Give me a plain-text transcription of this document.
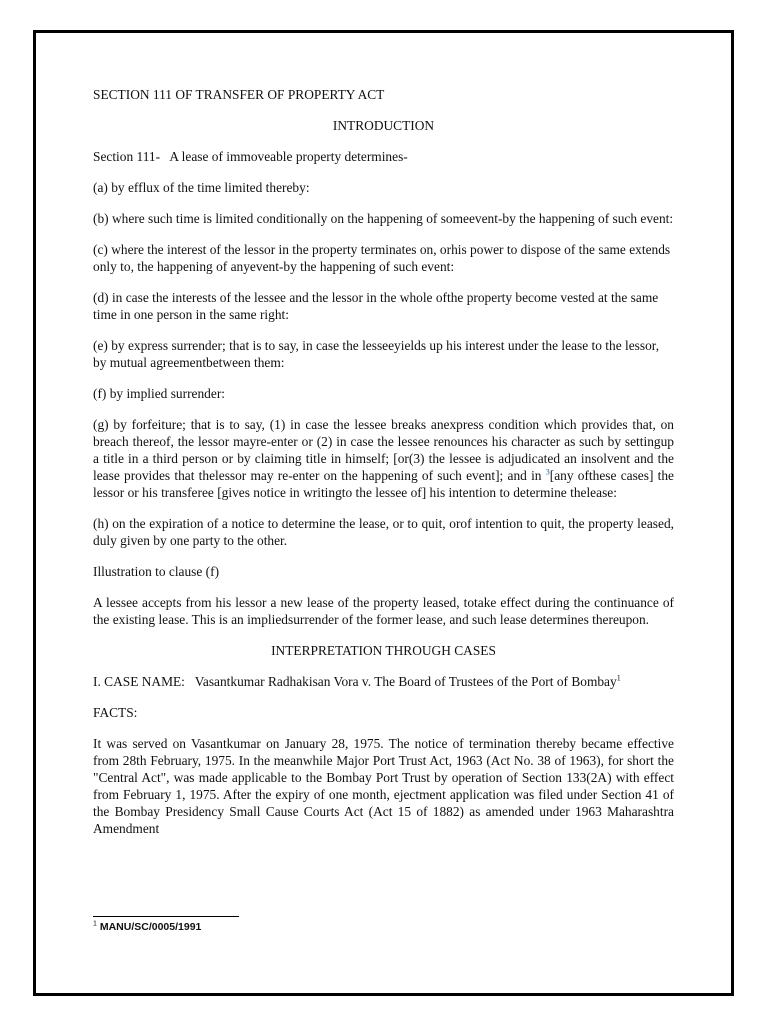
SECTION 111 OF TRANSFER OF PROPERTY ACT

INTRODUCTION

Section 111- A lease of immoveable property determines-

(a) by efflux of the time limited thereby:

(b) where such time is limited conditionally on the happening of someevent-by the happening of such event:

(c) where the interest of the lessor in the property terminates on, orhis power to dispose of the same extends only to, the happening of anyevent-by the happening of such event:

(d) in case the interests of the lessee and the lessor in the whole ofthe property become vested at the same time in one person in the same right:

(e) by express surrender; that is to say, in case the lesseeyields up his interest under the lease to the lessor, by mutual agreementbetween them:

(f) by implied surrender:

(g) by forfeiture; that is to say, (1) in case the lessee breaks anexpress condition which provides that, on breach thereof, the lessor mayre-enter or (2) in case the lessee renounces his character as such by settingup a title in a third person or by claiming title in himself; [or(3) the lessee is adjudicated an insolvent and the lease provides that thelessor may re-enter on the happening of such event]; and in $^3$[any ofthese cases] the lessor or his transferee [gives notice in writingto the lessee of] his intention to determine thelease:

(h) on the expiration of a notice to determine the lease, or to quit, orof intention to quit, the property leased, duly given by one party to the other.

Illustration to clause (f)

A lessee accepts from his lessor a new lease of the property leased, totake effect during the continuance of the existing lease. This is an impliedsurrender of the former lease, and such lease determines thereupon.

INTERPRETATION THROUGH CASES

I. CASE NAME: Vasantkumar Radhakisan Vora v. The Board of Trustees of the Port of Bombay$^1$

FACTS:

It was served on Vasantkumar on January 28, 1975. The notice of termination thereby became effective from 28th February, 1975. In the meanwhile Major Port Trust Act, 1963 (Act No. 38 of 1963), for short the "Central Act", was made applicable to the Bombay Port Trust by operation of Section 133(2A) with effect from February 1, 1975. After the expiry of one month, ejectment application was filed under Section 41 of the Bombay Presidency Small Cause Courts Act (Act 15 of 1882) as amended under 1963 Maharashtra Amendment

$^1$ MANU/SC/0005/1991
